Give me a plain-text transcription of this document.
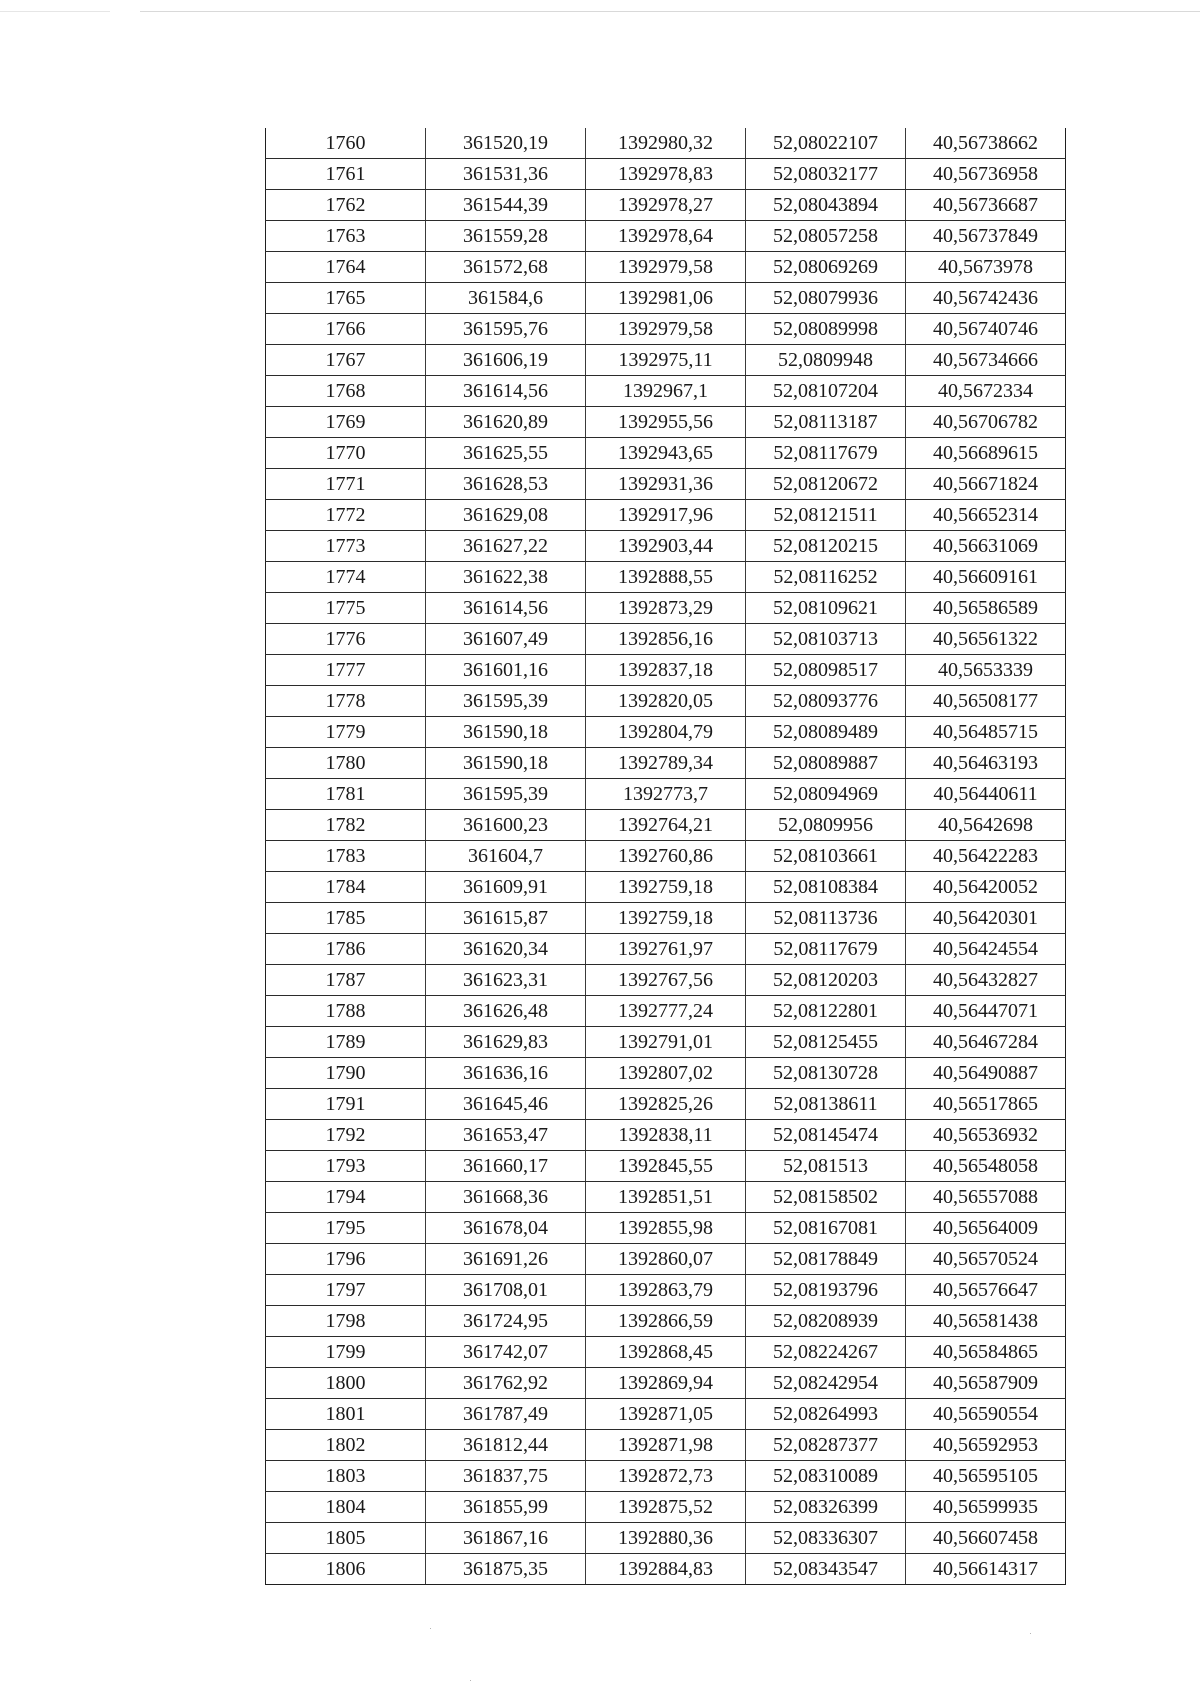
1760	361520,19	1392980,32	52,08022107	40,56738662
1761	361531,36	1392978,83	52,08032177	40,56736958
1762	361544,39	1392978,27	52,08043894	40,56736687
1763	361559,28	1392978,64	52,08057258	40,56737849
1764	361572,68	1392979,58	52,08069269	40,5673978
1765	361584,6	1392981,06	52,08079936	40,56742436
1766	361595,76	1392979,58	52,08089998	40,56740746
1767	361606,19	1392975,11	52,0809948	40,56734666
1768	361614,56	1392967,1	52,08107204	40,5672334
1769	361620,89	1392955,56	52,08113187	40,56706782
1770	361625,55	1392943,65	52,08117679	40,56689615
1771	361628,53	1392931,36	52,08120672	40,56671824
1772	361629,08	1392917,96	52,08121511	40,56652314
1773	361627,22	1392903,44	52,08120215	40,56631069
1774	361622,38	1392888,55	52,08116252	40,56609161
1775	361614,56	1392873,29	52,08109621	40,56586589
1776	361607,49	1392856,16	52,08103713	40,56561322
1777	361601,16	1392837,18	52,08098517	40,5653339
1778	361595,39	1392820,05	52,08093776	40,56508177
1779	361590,18	1392804,79	52,08089489	40,56485715
1780	361590,18	1392789,34	52,08089887	40,56463193
1781	361595,39	1392773,7	52,08094969	40,56440611
1782	361600,23	1392764,21	52,0809956	40,5642698
1783	361604,7	1392760,86	52,08103661	40,56422283
1784	361609,91	1392759,18	52,08108384	40,56420052
1785	361615,87	1392759,18	52,08113736	40,56420301
1786	361620,34	1392761,97	52,08117679	40,56424554
1787	361623,31	1392767,56	52,08120203	40,56432827
1788	361626,48	1392777,24	52,08122801	40,56447071
1789	361629,83	1392791,01	52,08125455	40,56467284
1790	361636,16	1392807,02	52,08130728	40,56490887
1791	361645,46	1392825,26	52,08138611	40,56517865
1792	361653,47	1392838,11	52,08145474	40,56536932
1793	361660,17	1392845,55	52,081513	40,56548058
1794	361668,36	1392851,51	52,08158502	40,56557088
1795	361678,04	1392855,98	52,08167081	40,56564009
1796	361691,26	1392860,07	52,08178849	40,56570524
1797	361708,01	1392863,79	52,08193796	40,56576647
1798	361724,95	1392866,59	52,08208939	40,56581438
1799	361742,07	1392868,45	52,08224267	40,56584865
1800	361762,92	1392869,94	52,08242954	40,56587909
1801	361787,49	1392871,05	52,08264993	40,56590554
1802	361812,44	1392871,98	52,08287377	40,56592953
1803	361837,75	1392872,73	52,08310089	40,56595105
1804	361855,99	1392875,52	52,08326399	40,56599935
1805	361867,16	1392880,36	52,08336307	40,56607458
1806	361875,35	1392884,83	52,08343547	40,56614317
